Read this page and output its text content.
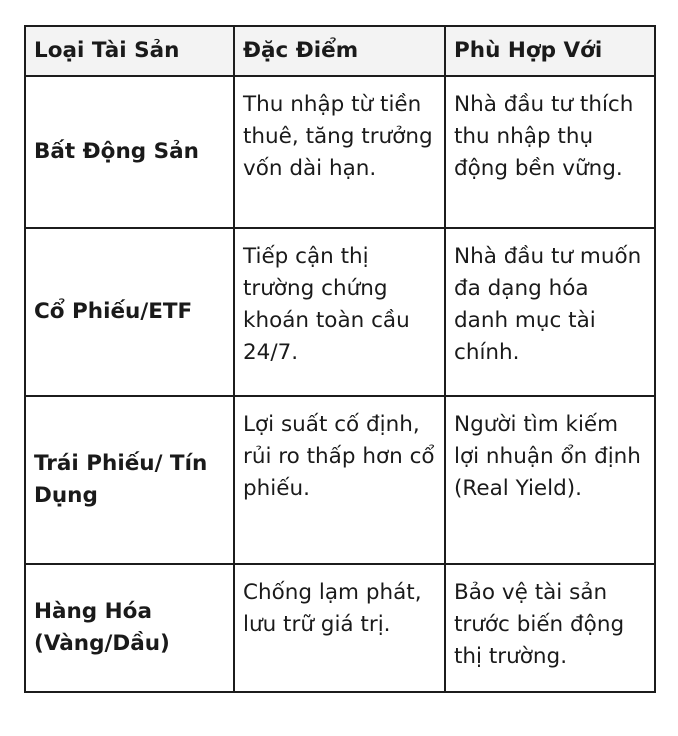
Loại Tài Sản	Đặc Điểm	Phù Hợp Với
Bất Động Sản	Thu nhập từ tiền thuê, tăng trưởng vốn dài hạn.	Nhà đầu tư thích thu nhập thụ động bền vững.
Cổ Phiếu/ETF	Tiếp cận thị trường chứng khoán toàn cầu 24/7.	Nhà đầu tư muốn đa dạng hóa danh mục tài chính.
Trái Phiếu/ Tín Dụng	Lợi suất cố định, rủi ro thấp hơn cổ phiếu.	Người tìm kiếm lợi nhuận ổn định (Real Yield).
Hàng Hóa (Vàng/Dầu)	Chống lạm phát, lưu trữ giá trị.	Bảo vệ tài sản trước biến động thị trường.
